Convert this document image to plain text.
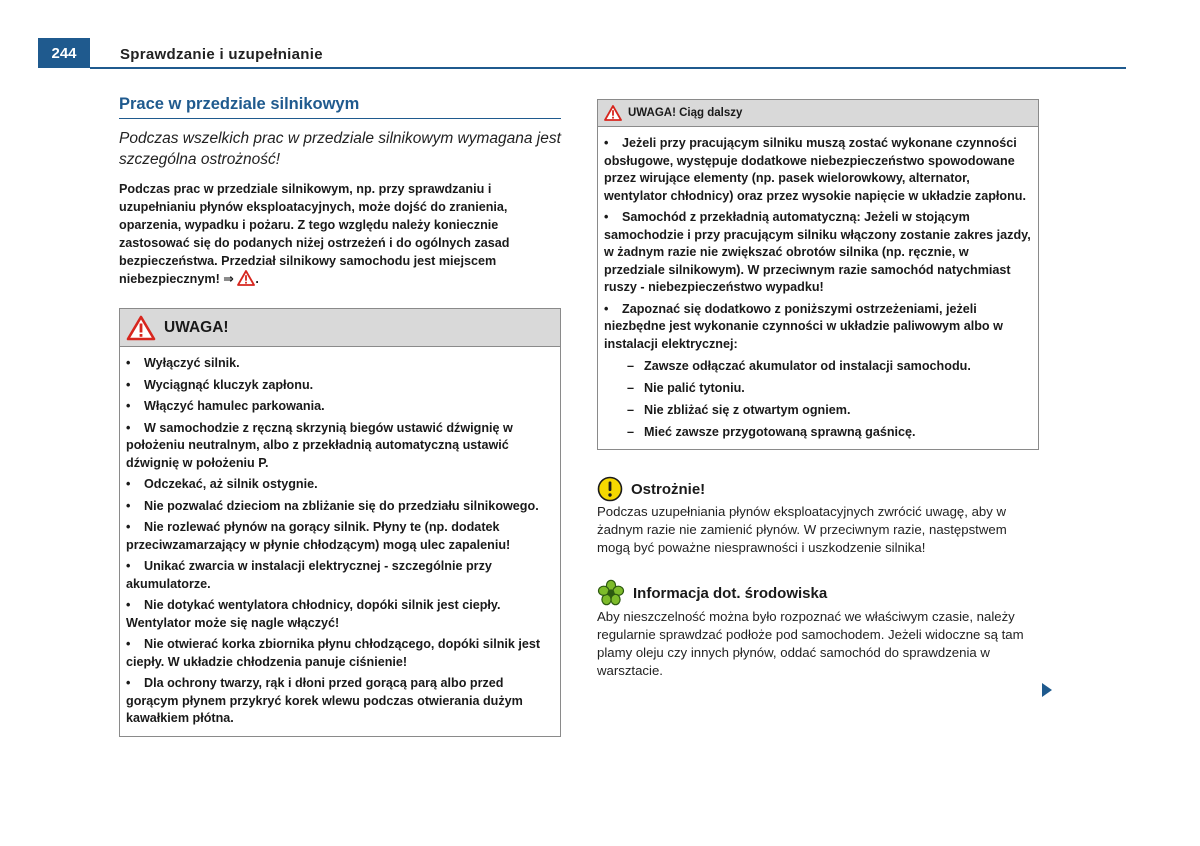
244	Sprawdzanie i uzupełnianie
Prace w przedziale silnikowym
Podczas wszelkich prac w przedziale silnikowym wymagana jest szczególna ostrożność!
Podczas prac w przedziale silnikowym, np. przy sprawdzaniu i uzupełnianiu płynów eksploatacyjnych, może dojść do zranienia, oparzenia, wypadku i pożaru. Z tego względu należy koniecznie zastosować się do podanych niżej ostrzeżeń i do ogólnych zasad bezpieczeństwa. Przedział silnikowy samochodu jest miejscem niebezpiecznym! ⇒ .
UWAGA!
• Wyłączyć silnik.
• Wyciągnąć kluczyk zapłonu.
• Włączyć hamulec parkowania.
• W samochodzie z ręczną skrzynią biegów ustawić dźwignię w położeniu neutralnym, albo z przekładnią automatyczną ustawić dźwignię w położeniu P.
• Odczekać, aż silnik ostygnie.
• Nie pozwalać dzieciom na zbliżanie się do przedziału silnikowego.
• Nie rozlewać płynów na gorący silnik. Płyny te (np. dodatek przeciwzamarzający w płynie chłodzącym) mogą ulec zapaleniu!
• Unikać zwarcia w instalacji elektrycznej - szczególnie przy akumulatorze.
• Nie dotykać wentylatora chłodnicy, dopóki silnik jest ciepły. Wentylator może się nagle włączyć!
• Nie otwierać korka zbiornika płynu chłodzącego, dopóki silnik jest ciepły. W układzie chłodzenia panuje ciśnienie!
• Dla ochrony twarzy, rąk i dłoni przed gorącą parą albo przed gorącym płynem przykryć korek wlewu podczas otwierania dużym kawałkiem płótna.
UWAGA! Ciąg dalszy
• Jeżeli przy pracującym silniku muszą zostać wykonane czynności obsługowe, występuje dodatkowe niebezpieczeństwo spowodowane przez wirujące elementy (np. pasek wielorowkowy, alternator, wentylator chłodnicy) oraz przez wysokie napięcie w układzie zapłonu.
• Samochód z przekładnią automatyczną: Jeżeli w stojącym samochodzie i przy pracującym silniku włączony zostanie zakres jazdy, w żadnym razie nie zwiększać obrotów silnika (np. ręcznie, w przedziale silnikowym). W przeciwnym razie samochód natychmiast ruszy - niebezpieczeństwo wypadku!
• Zapoznać się dodatkowo z poniższymi ostrzeżeniami, jeżeli niezbędne jest wykonanie czynności w układzie paliwowym albo w instalacji elektrycznej:
– Zawsze odłączać akumulator od instalacji samochodu.
– Nie palić tytoniu.
– Nie zbliżać się z otwartym ogniem.
– Mieć zawsze przygotowaną sprawną gaśnicę.
Ostrożnie!
Podczas uzupełniania płynów eksploatacyjnych zwrócić uwagę, aby w żadnym razie nie zamienić płynów. W przeciwnym razie, następstwem mogą być poważne niesprawności i uszkodzenie silnika!
Informacja dot. środowiska
Aby nieszczelność można było rozpoznać we właściwym czasie, należy regularnie sprawdzać podłoże pod samochodem. Jeżeli widoczne są tam plamy oleju czy innych płynów, oddać samochód do sprawdzenia w warsztacie.
